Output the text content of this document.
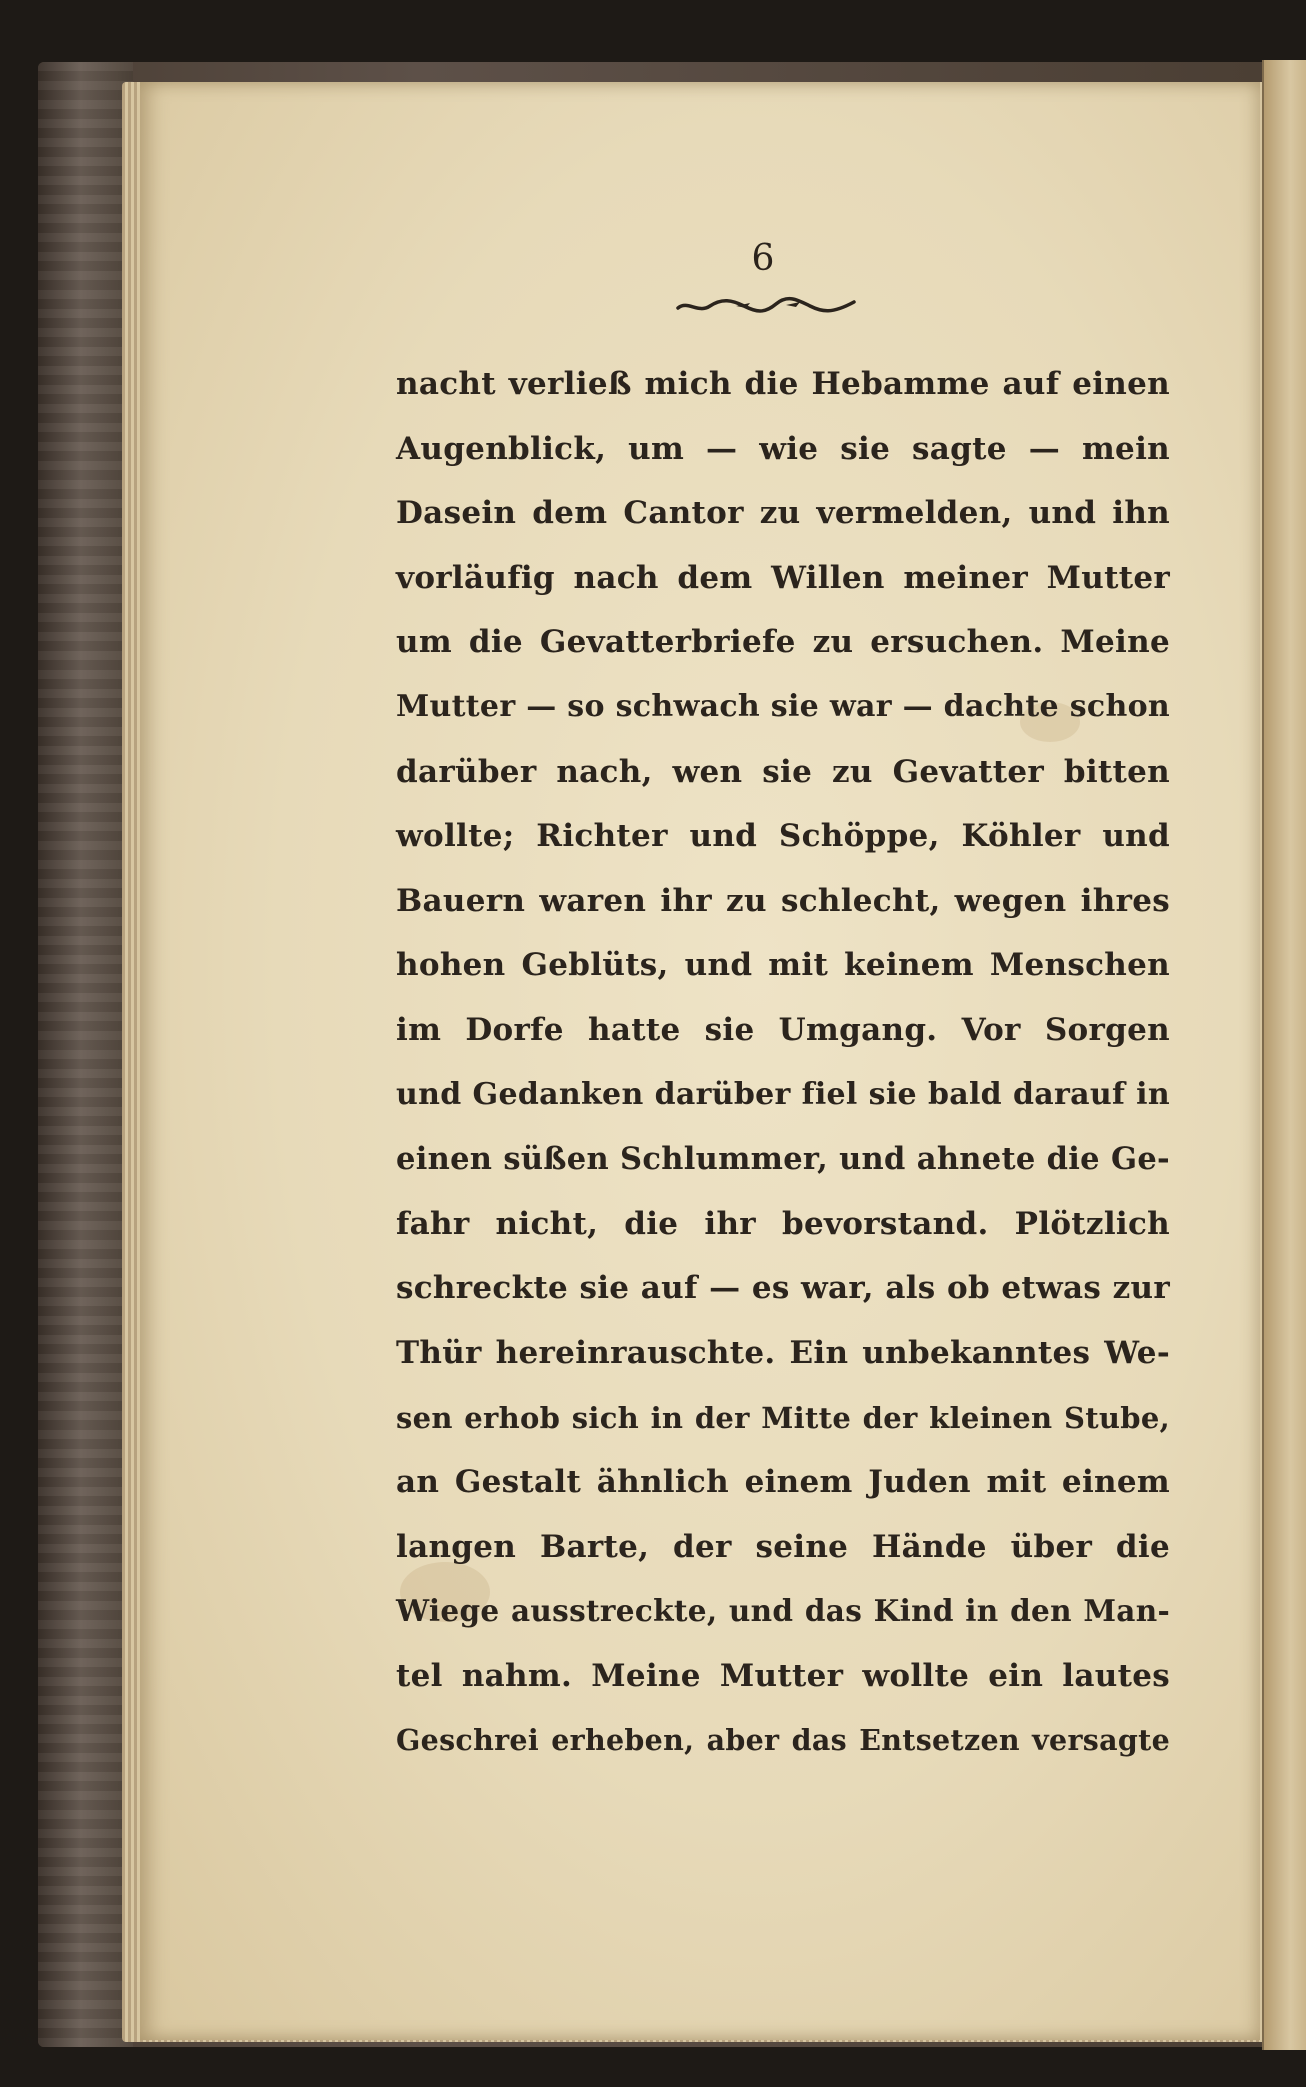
6
nacht verließ mich die Hebamme auf einen
Augenblick, um — wie sie sagte — mein
Dasein dem Cantor zu vermelden, und ihn
vorläufig nach dem Willen meiner Mutter
um die Gevatterbriefe zu ersuchen. Meine
Mutter — so schwach sie war — dachte schon
darüber nach, wen sie zu Gevatter bitten
wollte; Richter und Schöppe, Köhler und
Bauern waren ihr zu schlecht, wegen ihres
hohen Geblüts, und mit keinem Menschen
im Dorfe hatte sie Umgang. Vor Sorgen
und Gedanken darüber fiel sie bald darauf in
einen süßen Schlummer, und ahnete die Ge-
fahr nicht, die ihr bevorstand. Plötzlich
schreckte sie auf — es war, als ob etwas zur
Thür hereinrauschte. Ein unbekanntes We-
sen erhob sich in der Mitte der kleinen Stube,
an Gestalt ähnlich einem Juden mit einem
langen Barte, der seine Hände über die
Wiege ausstreckte, und das Kind in den Man-
tel nahm. Meine Mutter wollte ein lautes
Geschrei erheben, aber das Entsetzen versagte
